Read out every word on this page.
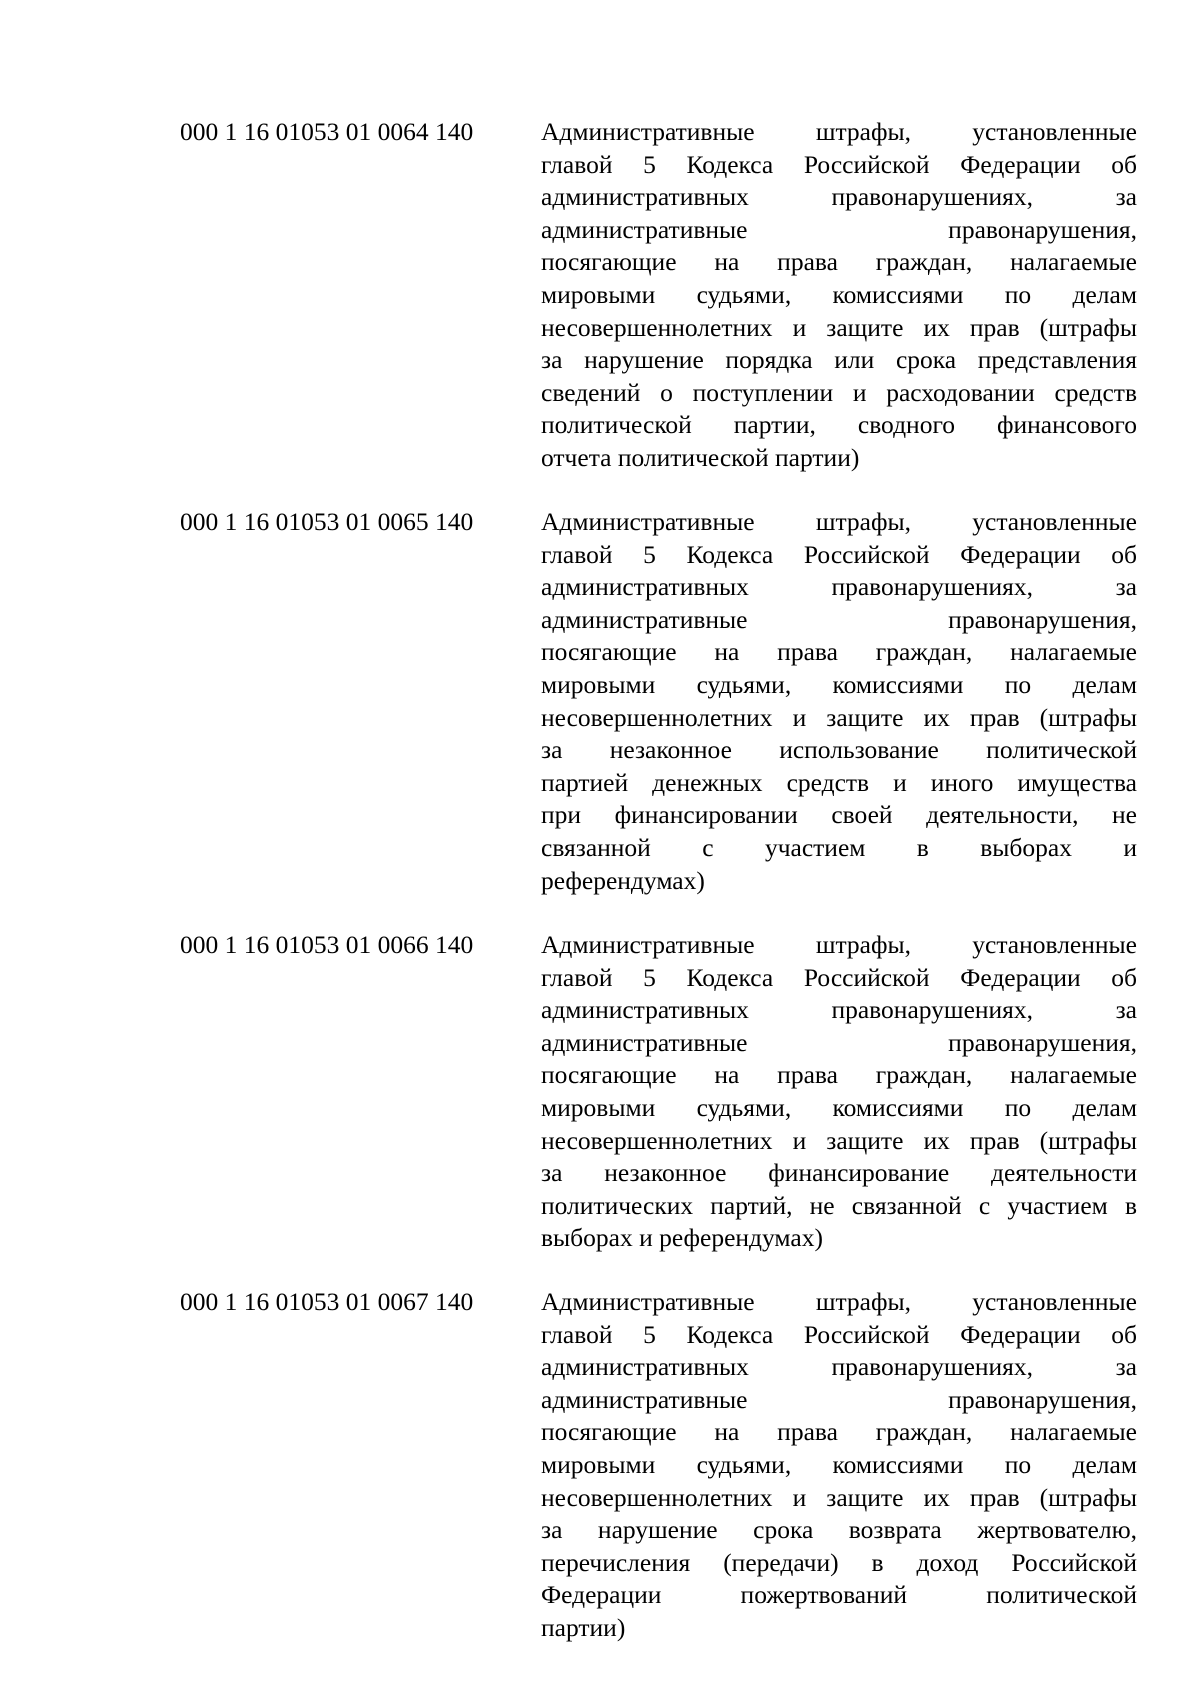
000 1 16 01053 01 0064 140	Административные штрафы, установленные
главой 5 Кодекса Российской Федерации об
административных правонарушениях, за
административные правонарушения,
посягающие на права граждан, налагаемые
мировыми судьями, комиссиями по делам
несовершеннолетних и защите их прав (штрафы
за нарушение порядка или срока представления
сведений о поступлении и расходовании средств
политической партии, сводного финансового
отчета политической партии)
000 1 16 01053 01 0065 140	Административные штрафы, установленные
главой 5 Кодекса Российской Федерации об
административных правонарушениях, за
административные правонарушения,
посягающие на права граждан, налагаемые
мировыми судьями, комиссиями по делам
несовершеннолетних и защите их прав (штрафы
за незаконное использование политической
партией денежных средств и иного имущества
при финансировании своей деятельности, не
связанной с участием в выборах и
референдумах)
000 1 16 01053 01 0066 140	Административные штрафы, установленные
главой 5 Кодекса Российской Федерации об
административных правонарушениях, за
административные правонарушения,
посягающие на права граждан, налагаемые
мировыми судьями, комиссиями по делам
несовершеннолетних и защите их прав (штрафы
за незаконное финансирование деятельности
политических партий, не связанной с участием в
выборах и референдумах)
000 1 16 01053 01 0067 140	Административные штрафы, установленные
главой 5 Кодекса Российской Федерации об
административных правонарушениях, за
административные правонарушения,
посягающие на права граждан, налагаемые
мировыми судьями, комиссиями по делам
несовершеннолетних и защите их прав (штрафы
за нарушение срока возврата жертвователю,
перечисления (передачи) в доход Российской
Федерации пожертвований политической
партии)
